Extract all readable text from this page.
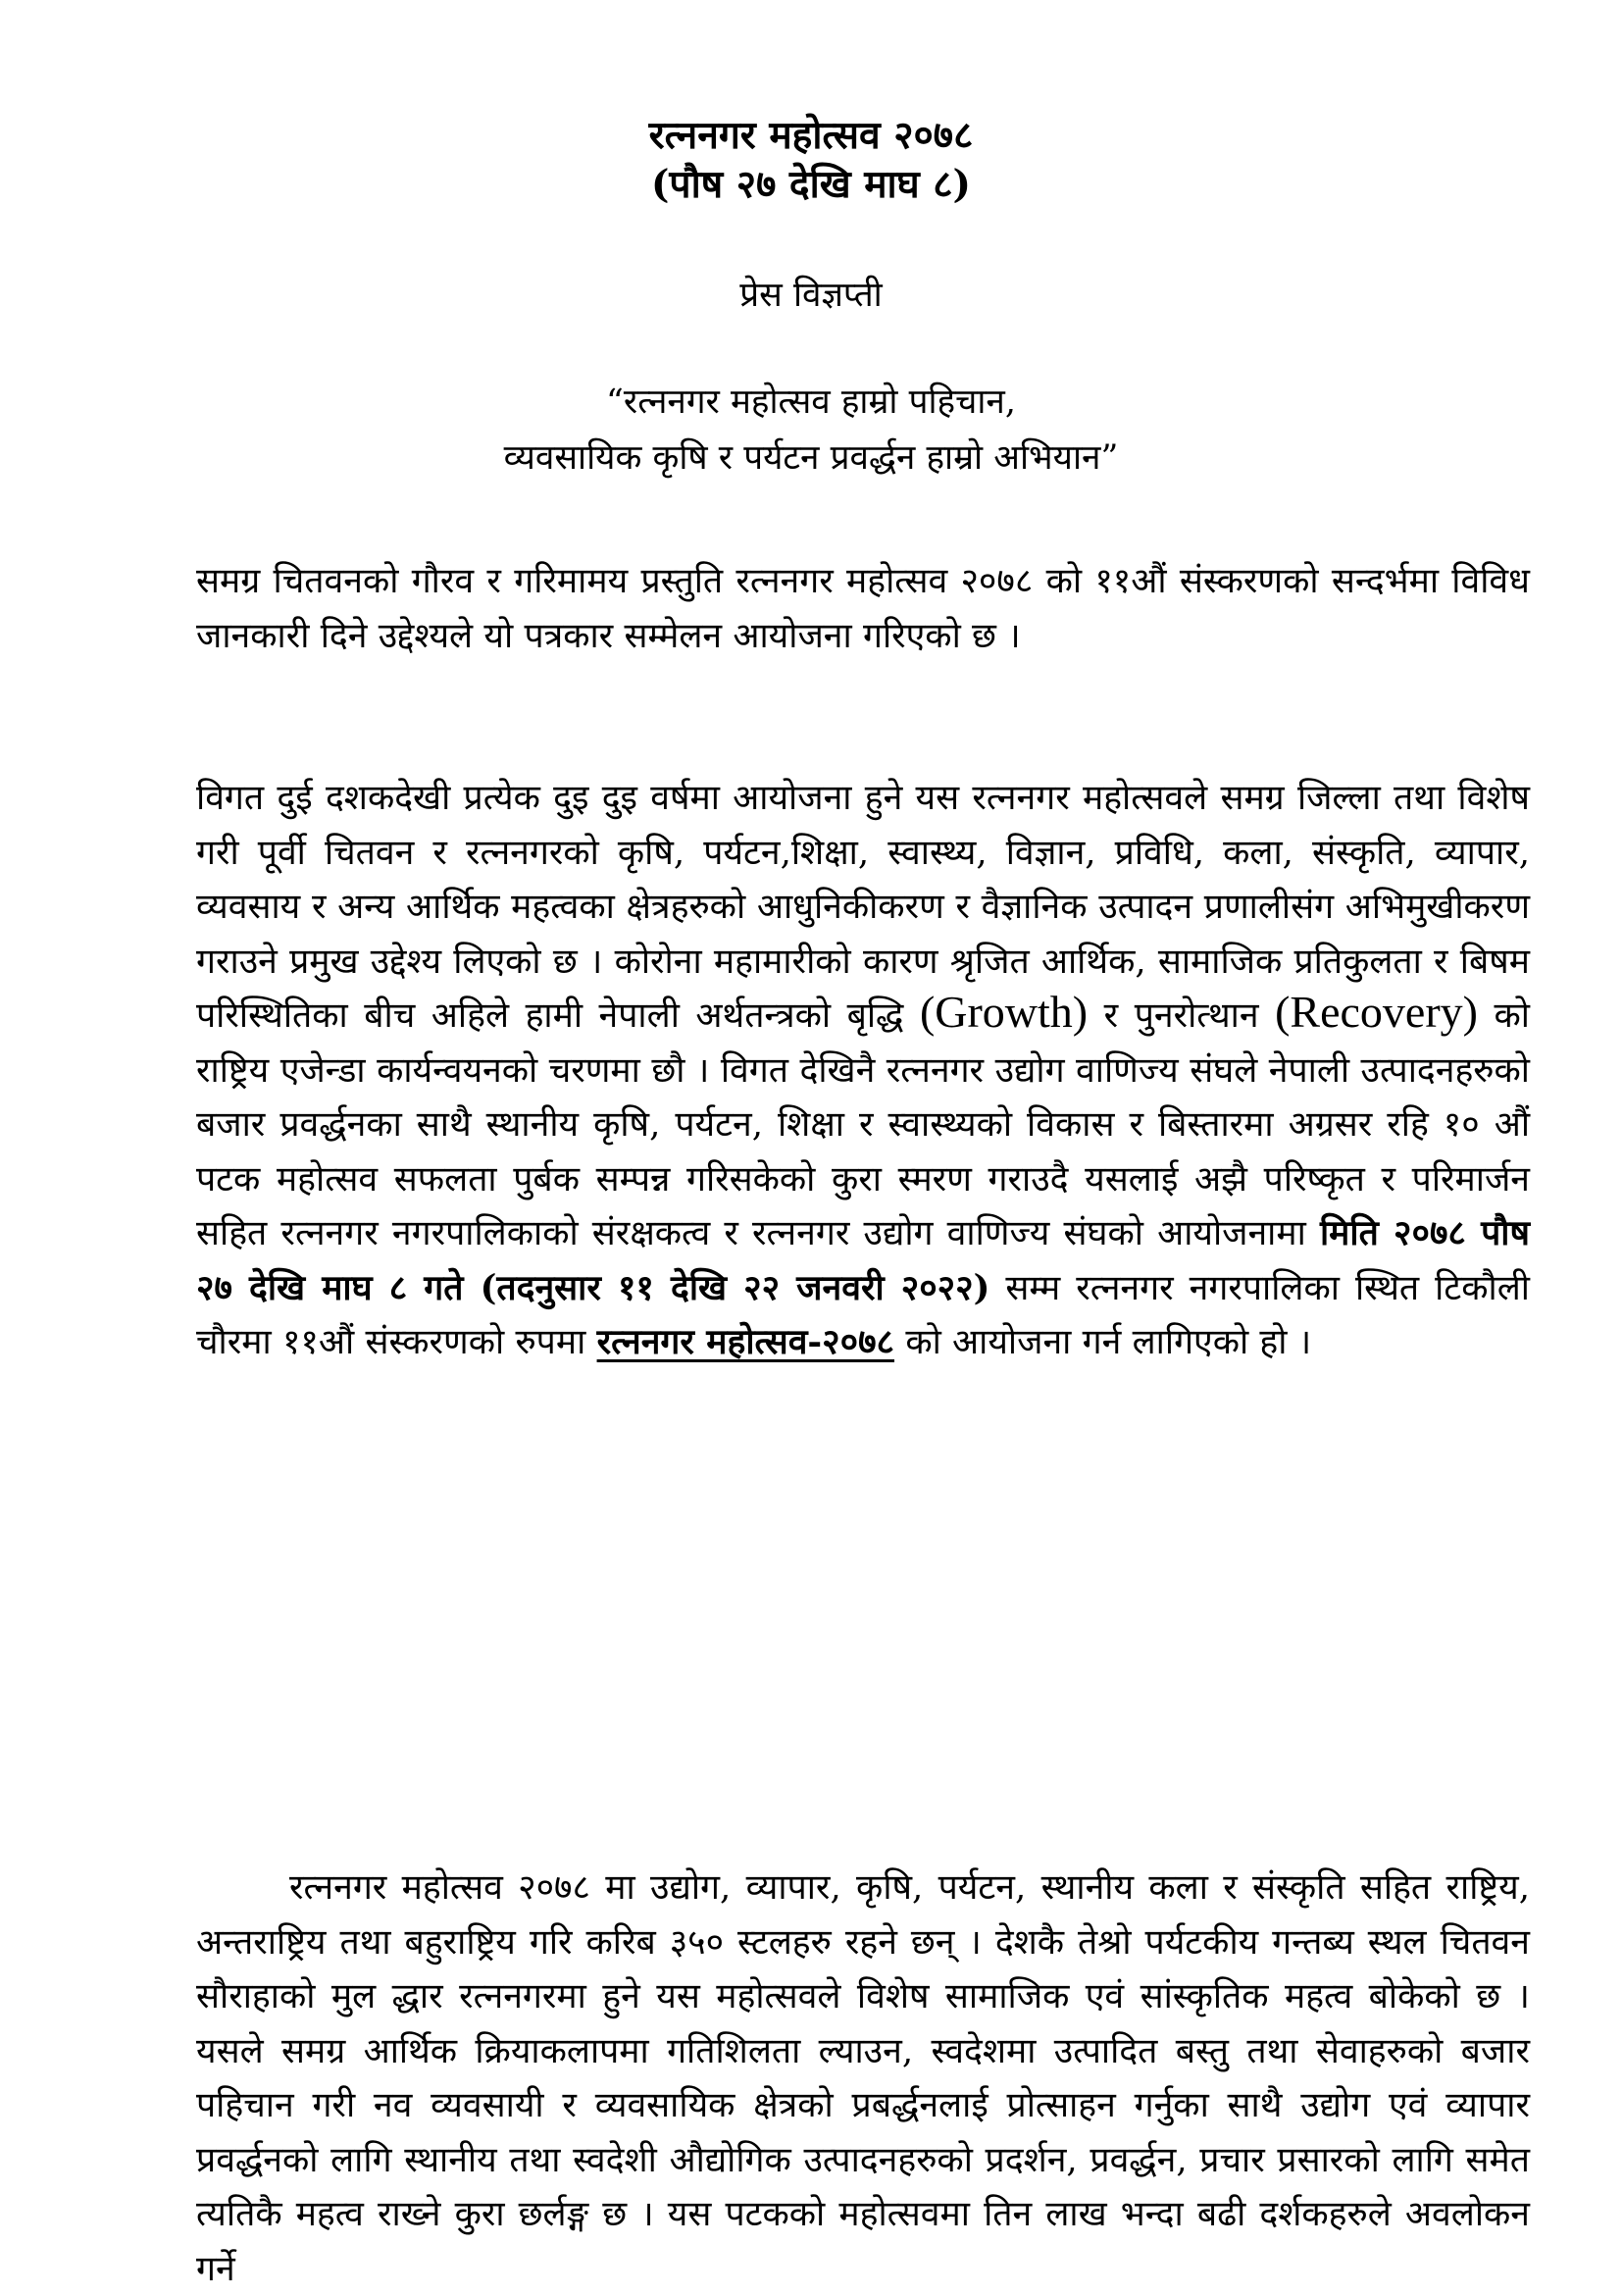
रत्ननगर महोत्सव २०७८
(पौष २७ देखि माघ ८)
प्रेस विज्ञप्ती
“रत्ननगर महोत्सव हाम्रो पहिचान,
व्यवसायिक कृषि र पर्यटन प्रवर्द्धन हाम्रो अभियान”

समग्र चितवनको गौरव र गरिमामय प्रस्तुति रत्ननगर महोत्सव २०७८ को ११औं संस्करणको सन्दर्भमा विविध जानकारी दिने उद्देश्यले यो पत्रकार सम्मेलन आयोजना गरिएको छ ।

विगत दुई दशकदेखी प्रत्येक दुइ दुइ वर्षमा आयोजना हुने यस रत्ननगर महोत्सवले समग्र जिल्ला तथा विशेष गरी पूर्वी चितवन र रत्ननगरको कृषि, पर्यटन,शिक्षा, स्वास्थ्य, विज्ञान, प्रविधि, कला, संस्कृति, व्यापार, व्यवसाय र अन्य आर्थिक महत्वका क्षेत्रहरुको आधुनिकीकरण र वैज्ञानिक उत्पादन प्रणालीसंग अभिमुखीकरण गराउने प्रमुख उद्देश्य लिएको छ । कोरोना महामारीको कारण श्रृजित आर्थिक, सामाजिक प्रतिकुलता र बिषम परिस्थितिका बीच अहिले हामी नेपाली अर्थतन्त्रको बृद्धि (Growth) र पुनरोत्थान (Recovery) को राष्ट्रिय एजेन्डा कार्यन्वयनको चरणमा छौ । विगत देखिनै रत्ननगर उद्योग वाणिज्य संघले नेपाली उत्पादनहरुको बजार प्रवर्द्धनका साथै स्थानीय कृषि, पर्यटन, शिक्षा र स्वास्थ्यको विकास र बिस्तारमा अग्रसर रहि १० औं पटक महोत्सव सफलता पुर्बक सम्पन्न गरिसकेको कुरा स्मरण गराउदै यसलाई अझै परिष्कृत र परिमार्जन सहित रत्ननगर नगरपालिकाको संरक्षकत्व र रत्ननगर उद्योग वाणिज्य संघको आयोजनामा मिति २०७८ पौष २७ देखि माघ ८ गते (तदनुसार ११ देखि २२ जनवरी २०२२) सम्म रत्ननगर नगरपालिका स्थित टिकौली चौरमा ११औं संस्करणको रुपमा रत्ननगर महोत्सव-२०७८ को आयोजना गर्न लागिएको हो ।

रत्ननगर महोत्सव २०७८ मा उद्योग, व्यापार, कृषि, पर्यटन, स्थानीय कला र संस्कृति सहित राष्ट्रिय, अन्तराष्ट्रिय तथा बहुराष्ट्रिय गरि करिब ३५० स्टलहरु रहने छन् । देशकै तेश्रो पर्यटकीय गन्तब्य स्थल चितवन सौराहाको मुल द्धार रत्ननगरमा हुने यस महोत्सवले विशेष सामाजिक एवं सांस्कृतिक महत्व बोकेको छ । यसले समग्र आर्थिक क्रियाकलापमा गतिशिलता ल्याउन, स्वदेशमा उत्पादित बस्तु तथा सेवाहरुको बजार पहिचान गरी नव व्यवसायी र व्यवसायिक क्षेत्रको प्रबर्द्धनलाई प्रोत्साहन गर्नुका साथै उद्योग एवं व्यापार प्रवर्द्धनको लागि स्थानीय तथा स्वदेशी औद्योगिक उत्पादनहरुको प्रदर्शन, प्रवर्द्धन, प्रचार प्रसारको लागि समेत त्यतिकै महत्व राख्ने कुरा छर्लङ्ग छ । यस पटकको महोत्सवमा तिन लाख भन्दा बढी दर्शकहरुले अवलोकन गर्ने
